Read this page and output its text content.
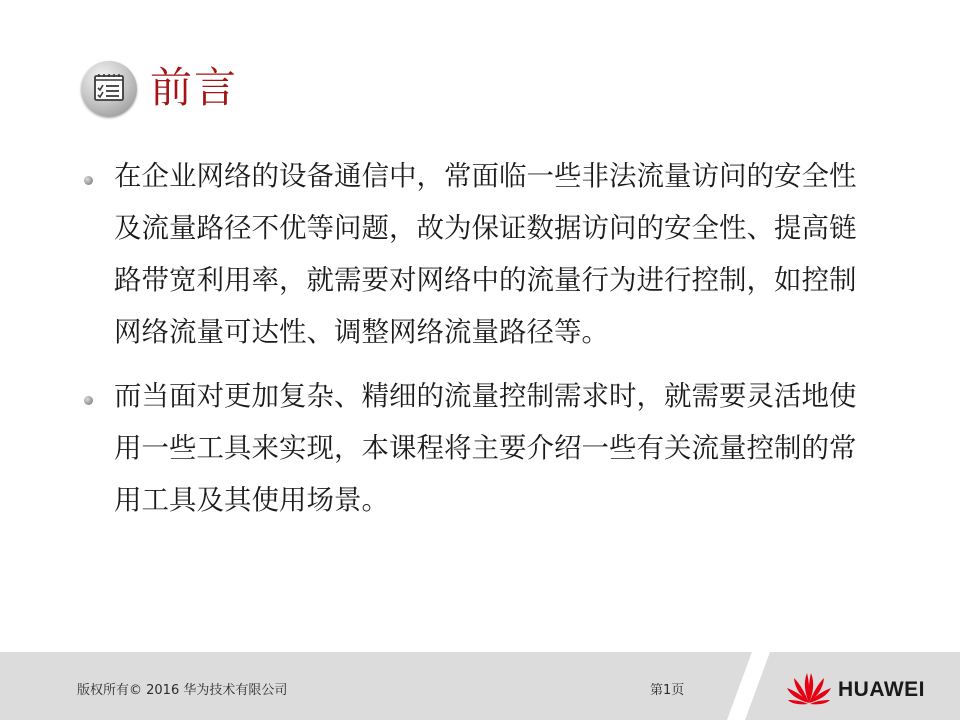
前言
在企业网络的设备通信中，常面临一些非法流量访问的安全性及流量路径不优等问题，故为保证数据访问的安全性、提高链路带宽利用率，就需要对网络中的流量行为进行控制，如控制网络流量可达性、调整网络流量路径等。
而当面对更加复杂、精细的流量控制需求时，就需要灵活地使用一些工具来实现，本课程将主要介绍一些有关流量控制的常用工具及其使用场景。
版权所有© 2016 华为技术有限公司	第1页	HUAWEI
